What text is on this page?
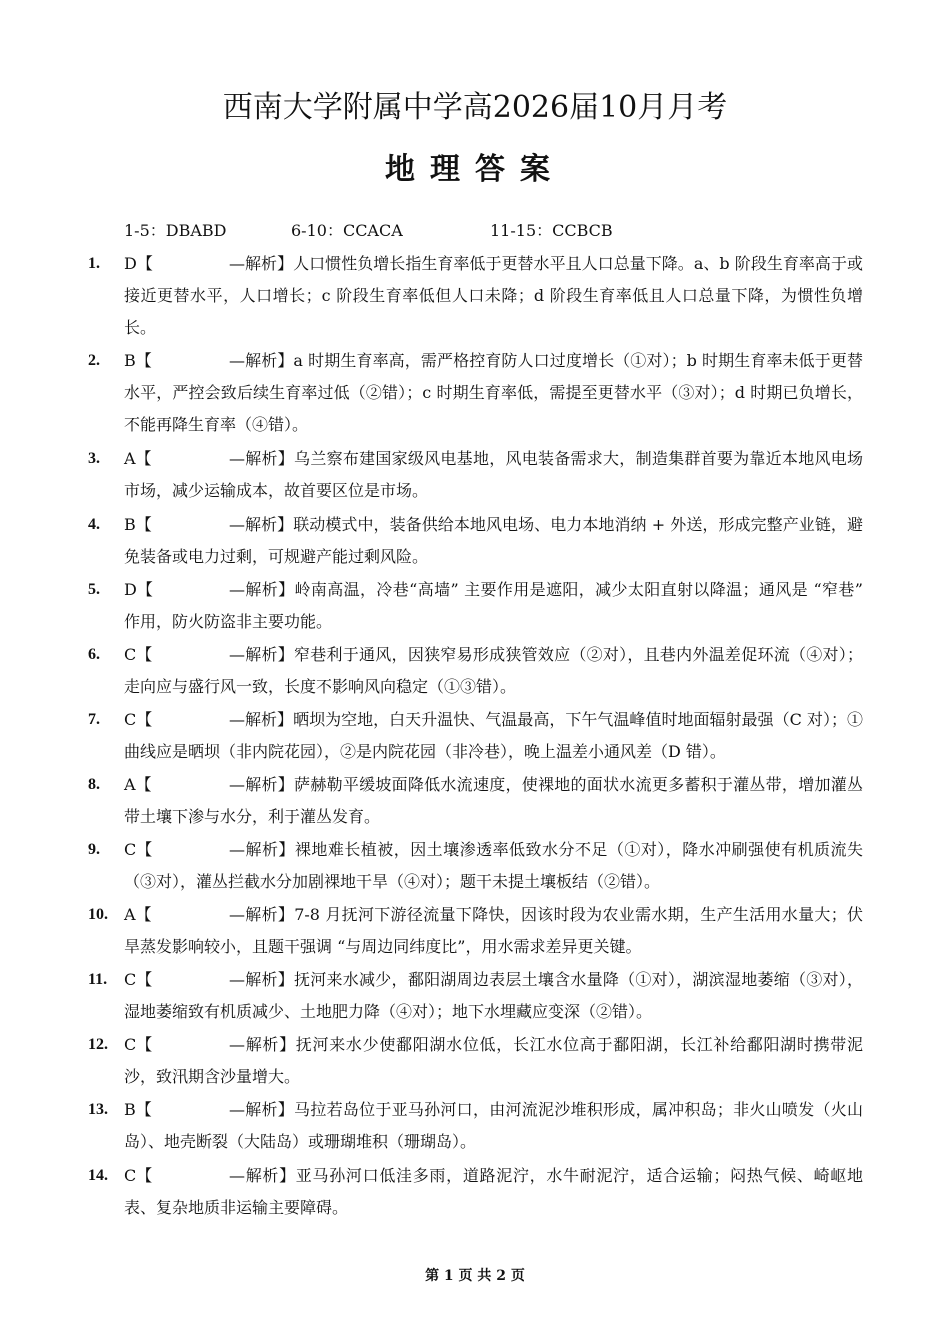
西南大学附属中学高2026届10月月考
地理答案
1-5：DBABD	6-10：CCACA	11-15：CCBCB
1. D【	—解析】人口惯性负增长指生育率低于更替水平且人口总量下降。a、b 阶段生育率高于或接近更替水平，人口增长；c 阶段生育率低但人口未降；d 阶段生育率低且人口总量下降，为惯性负增长。
2. B【	—解析】a 时期生育率高，需严格控育防人口过度增长（①对）；b 时期生育率未低于更替水平，严控会致后续生育率过低（②错）；c 时期生育率低，需提至更替水平（③对）；d 时期已负增长，不能再降生育率（④错）。
3. A【	—解析】乌兰察布建国家级风电基地，风电装备需求大，制造集群首要为靠近本地风电场市场，减少运输成本，故首要区位是市场。
4. B【	—解析】联动模式中，装备供给本地风电场、电力本地消纳 + 外送，形成完整产业链，避免装备或电力过剩，可规避产能过剩风险。
5. D【	—解析】岭南高温，冷巷“高墙” 主要作用是遮阳，减少太阳直射以降温；通风是 “窄巷” 作用，防火防盗非主要功能。
6. C【	—解析】窄巷利于通风，因狭窄易形成狭管效应（②对），且巷内外温差促环流（④对）；走向应与盛行风一致，长度不影响风向稳定（①③错）。
7. C【	—解析】晒坝为空地，白天升温快、气温最高，下午气温峰值时地面辐射最强（C 对）；①曲线应是晒坝（非内院花园），②是内院花园（非冷巷），晚上温差小通风差（D 错）。
8. A【	—解析】萨赫勒平缓坡面降低水流速度，使裸地的面状水流更多蓄积于灌丛带，增加灌丛带土壤下渗与水分，利于灌丛发育。
9. C【	—解析】裸地难长植被，因土壤渗透率低致水分不足（①对），降水冲刷强使有机质流失（③对），灌丛拦截水分加剧裸地干旱（④对）；题干未提土壤板结（②错）。
10. A【	—解析】7-8 月抚河下游径流量下降快，因该时段为农业需水期，生产生活用水量大；伏旱蒸发影响较小，且题干强调 “与周边同纬度比”，用水需求差异更关键。
11. C【	—解析】抚河来水减少，鄱阳湖周边表层土壤含水量降（①对），湖滨湿地萎缩（③对），湿地萎缩致有机质减少、土地肥力降（④对）；地下水埋藏应变深（②错）。
12. C【	—解析】抚河来水少使鄱阳湖水位低，长江水位高于鄱阳湖，长江补给鄱阳湖时携带泥沙，致汛期含沙量增大。
13. B【	—解析】马拉若岛位于亚马孙河口，由河流泥沙堆积形成，属冲积岛；非火山喷发（火山岛）、地壳断裂（大陆岛）或珊瑚堆积（珊瑚岛）。
14. C【	—解析】亚马孙河口低洼多雨，道路泥泞，水牛耐泥泞，适合运输；闷热气候、崎岖地表、复杂地质非运输主要障碍。
第 1 页 共 2 页
